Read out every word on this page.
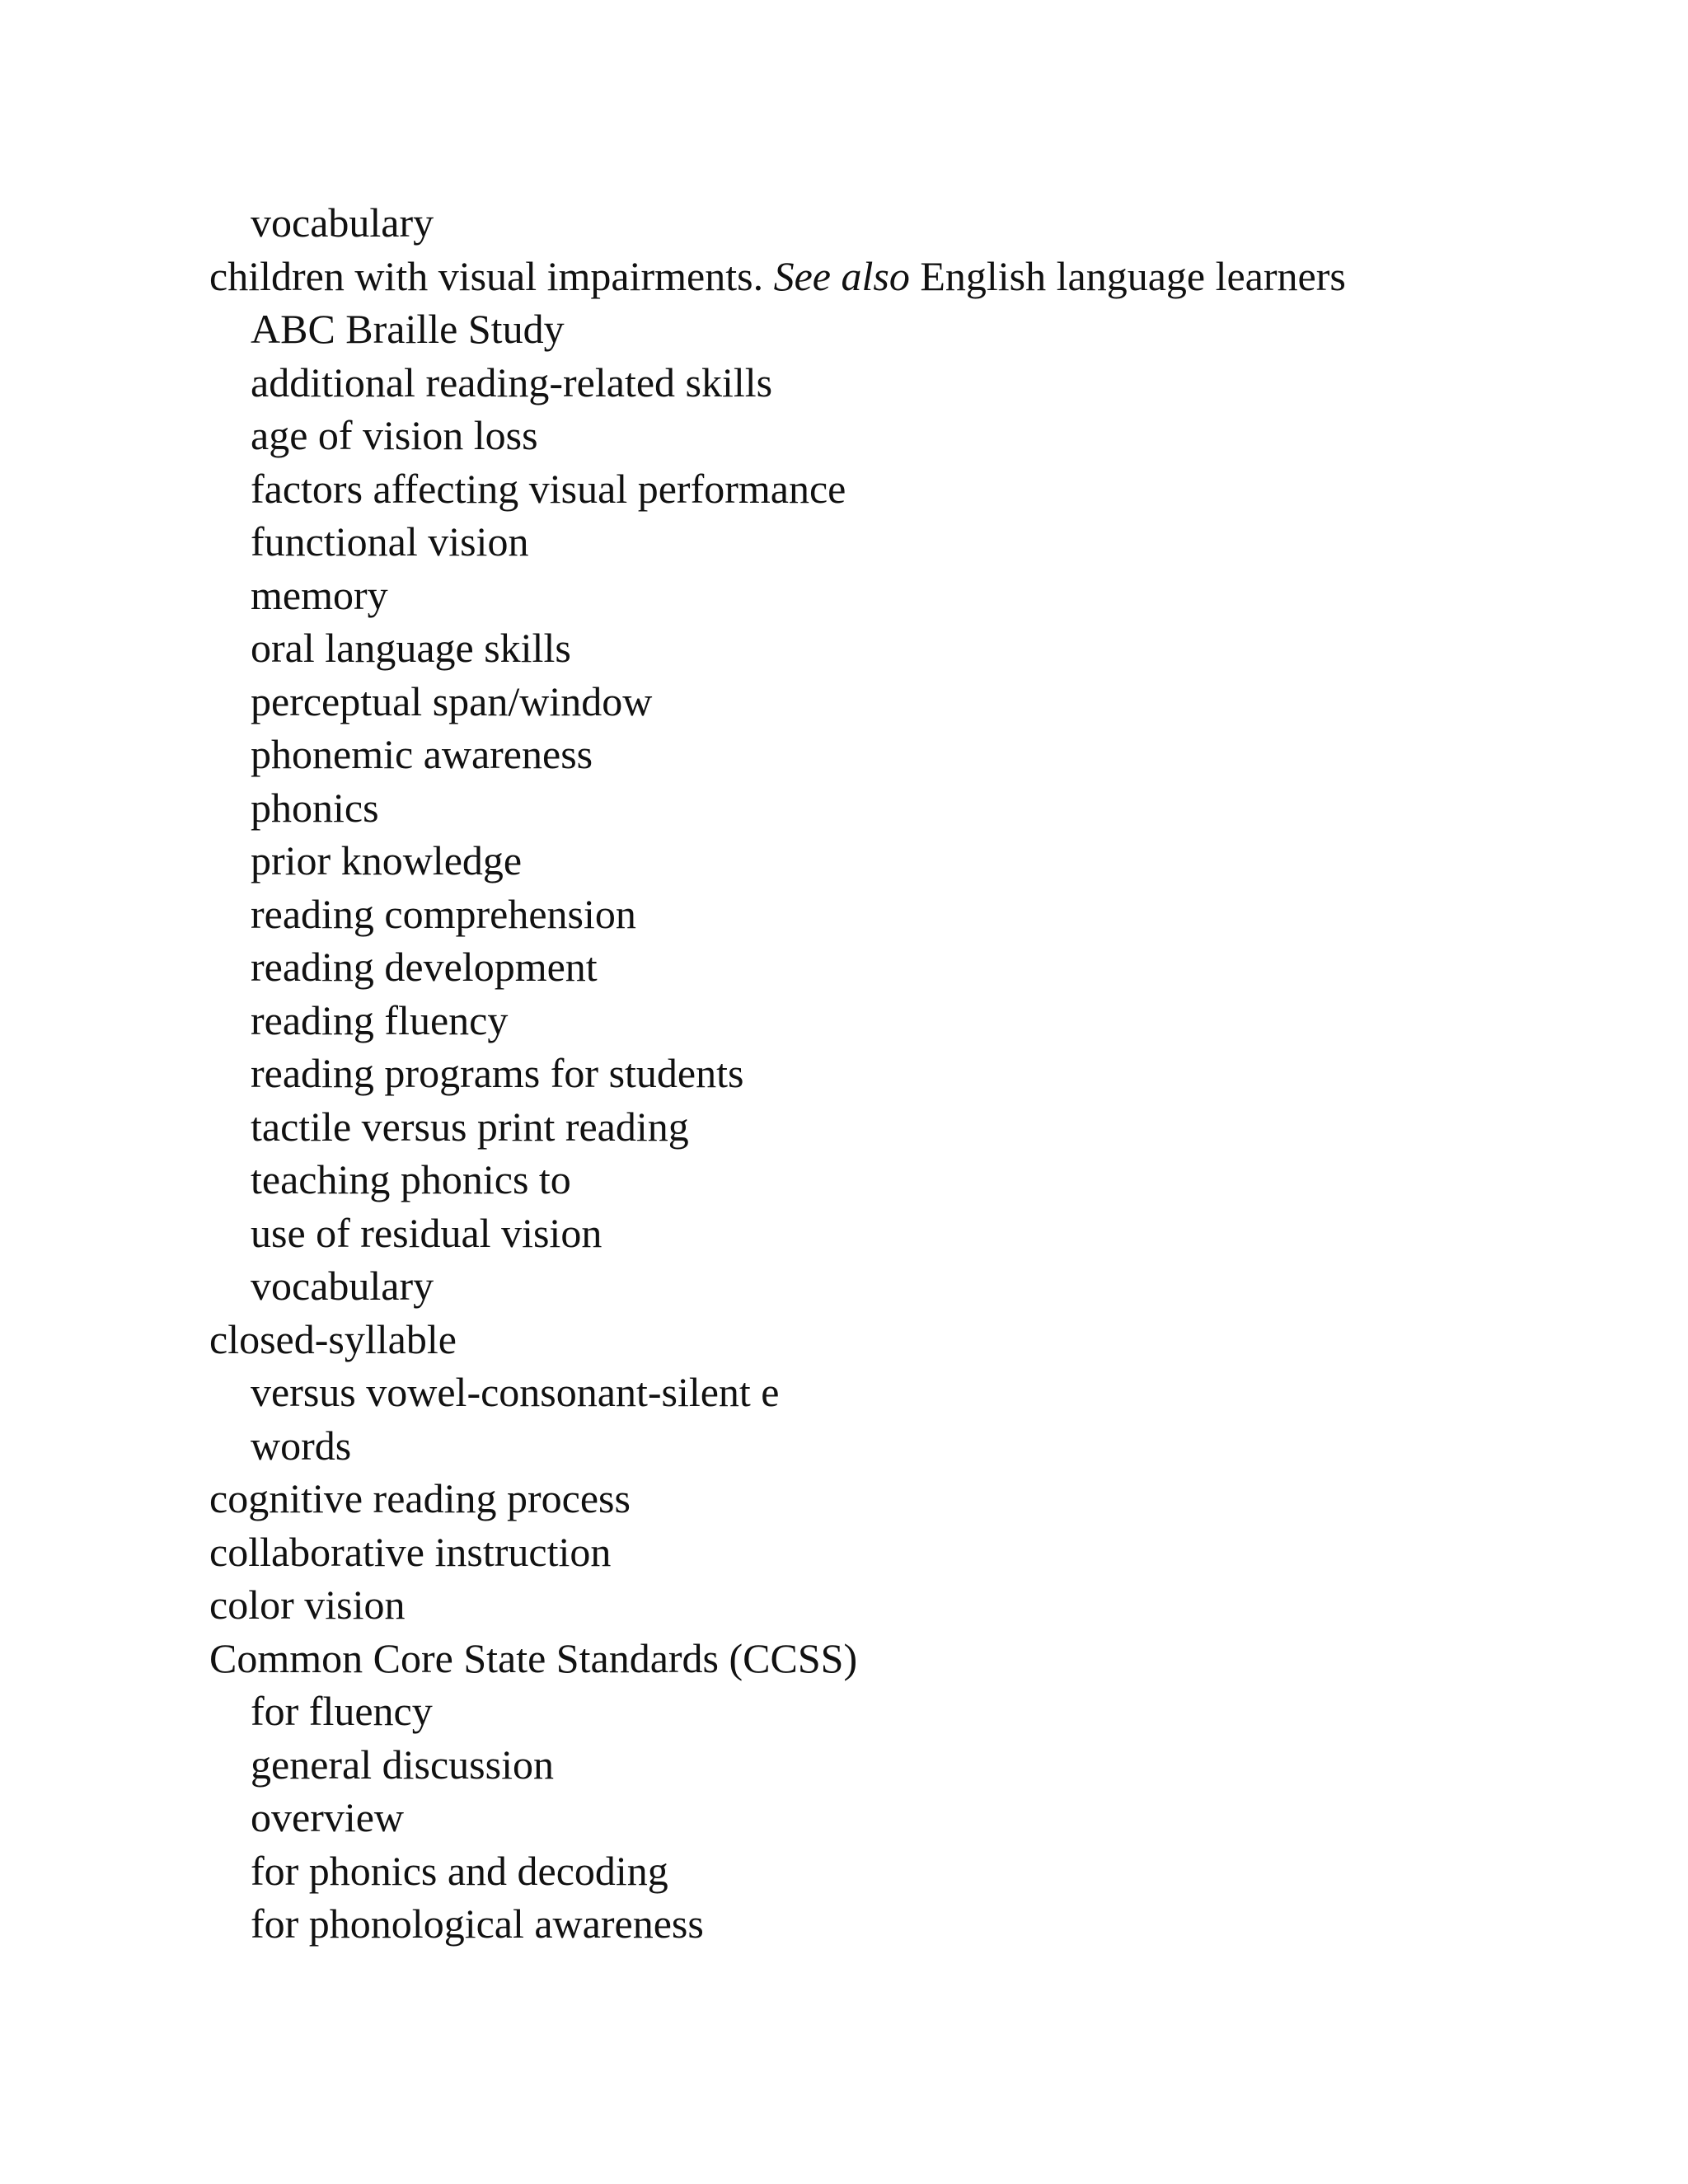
vocabulary
children with visual impairments. See also English language learners
ABC Braille Study
additional reading-related skills
age of vision loss
factors affecting visual performance
functional vision
memory
oral language skills
perceptual span/window
phonemic awareness
phonics
prior knowledge
reading comprehension
reading development
reading fluency
reading programs for students
tactile versus print reading
teaching phonics to
use of residual vision
vocabulary
closed-syllable
versus vowel-consonant-silent e
words
cognitive reading process
collaborative instruction
color vision
Common Core State Standards (CCSS)
for fluency
general discussion
overview
for phonics and decoding
for phonological awareness
